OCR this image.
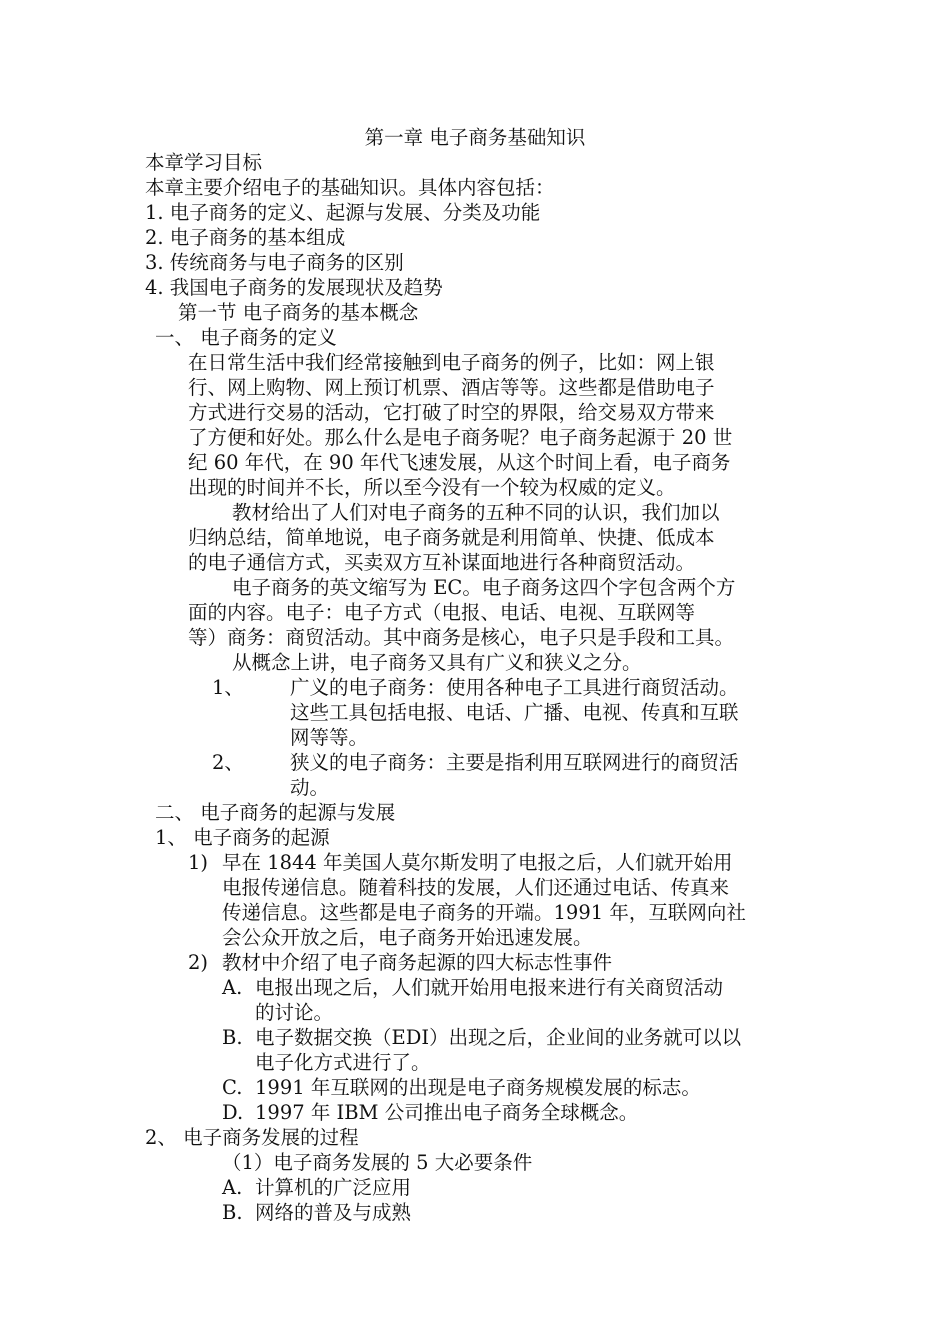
第一章 电子商务基础知识
本章学习目标
本章主要介绍电子的基础知识。具体内容包括：
1. 电子商务的定义、起源与发展、分类及功能
2. 电子商务的基本组成
3. 传统商务与电子商务的区别
4. 我国电子商务的发展现状及趋势
第一节 电子商务的基本概念
一、 电子商务的定义
在日常生活中我们经常接触到电子商务的例子，比如：网上银
行、网上购物、网上预订机票、酒店等等。这些都是借助电子
方式进行交易的活动，它打破了时空的界限，给交易双方带来
了方便和好处。那么什么是电子商务呢？电子商务起源于 20 世
纪 60 年代，在 90 年代飞速发展，从这个时间上看，电子商务
出现的时间并不长，所以至今没有一个较为权威的定义。
教材给出了人们对电子商务的五种不同的认识，我们加以
归纳总结，简单地说，电子商务就是利用简单、快捷、低成本
的电子通信方式，买卖双方互补谋面地进行各种商贸活动。
电子商务的英文缩写为 EC。电子商务这四个字包含两个方
面的内容。电子：电子方式（电报、电话、电视、互联网等
等）商务：商贸活动。其中商务是核心，电子只是手段和工具。
从概念上讲，电子商务又具有广义和狭义之分。
1、 广义的电子商务：使用各种电子工具进行商贸活动。
这些工具包括电报、电话、广播、电视、传真和互联
网等等。
2、 狭义的电子商务：主要是指利用互联网进行的商贸活
动。
二、 电子商务的起源与发展
1、 电子商务的起源
1) 早在 1844 年美国人莫尔斯发明了电报之后，人们就开始用
电报传递信息。随着科技的发展，人们还通过电话、传真来
传递信息。这些都是电子商务的开端。1991 年，互联网向社
会公众开放之后，电子商务开始迅速发展。
2) 教材中介绍了电子商务起源的四大标志性事件
A. 电报出现之后，人们就开始用电报来进行有关商贸活动
的讨论。
B. 电子数据交换（EDI）出现之后，企业间的业务就可以以
电子化方式进行了。
C. 1991 年互联网的出现是电子商务规模发展的标志。
D. 1997 年 IBM 公司推出电子商务全球概念。
2、 电子商务发展的过程
（1）电子商务发展的 5 大必要条件
A. 计算机的广泛应用
B. 网络的普及与成熟
